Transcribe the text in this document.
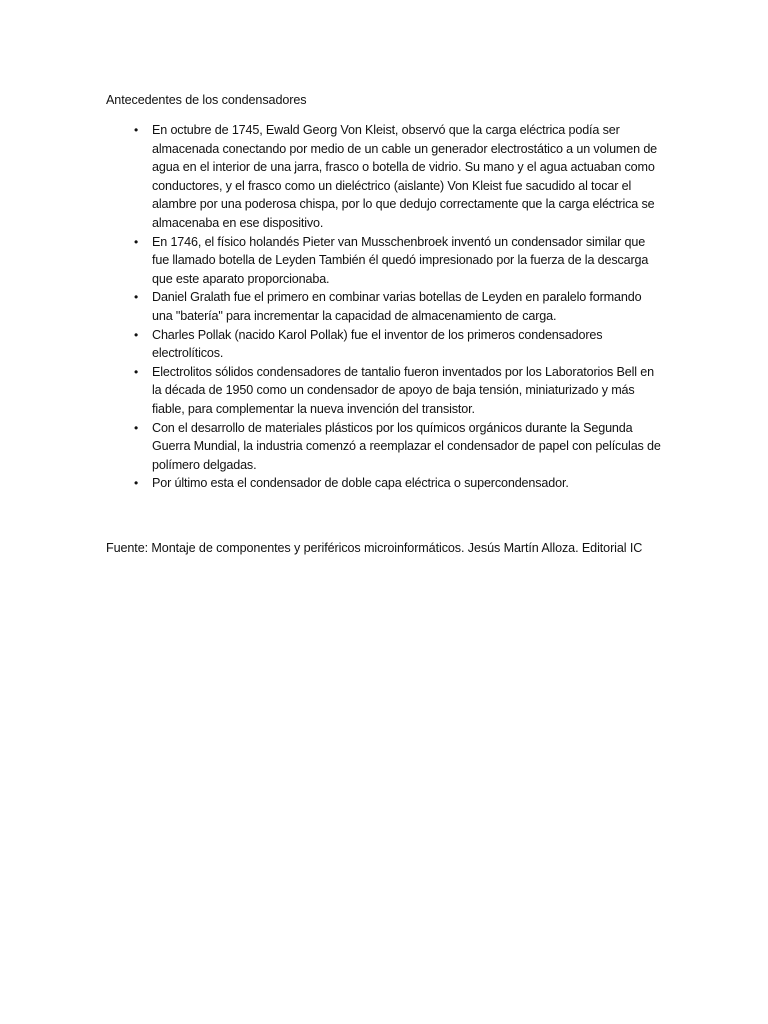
Antecedentes de los condensadores
•	En octubre de 1745, Ewald Georg Von Kleist, observó que la carga eléctrica podía ser almacenada conectando por medio de un cable un generador electrostático a un volumen de agua en el interior de una jarra, frasco o botella de vidrio. Su mano y el agua actuaban como conductores, y el frasco como un dieléctrico (aislante) Von Kleist fue sacudido al tocar el alambre por una poderosa chispa, por lo que dedujo correctamente que la carga eléctrica se almacenaba en ese dispositivo.
•	En 1746, el físico holandés Pieter van Musschenbroek inventó un condensador similar que fue llamado botella de Leyden También él quedó impresionado por la fuerza de la descarga que este aparato proporcionaba.
•	Daniel Gralath fue el primero en combinar varias botellas de Leyden en paralelo formando una "batería" para incrementar la capacidad de almacenamiento de carga.
•	Charles Pollak (nacido Karol Pollak) fue el inventor de los primeros condensadores electrolíticos.
•	Electrolitos sólidos condensadores de tantalio fueron inventados por los Laboratorios Bell en la década de 1950 como un condensador de apoyo de baja tensión, miniaturizado y más fiable, para complementar la nueva invención del transistor.
•	Con el desarrollo de materiales plásticos por los químicos orgánicos durante la Segunda Guerra Mundial, la industria comenzó a reemplazar el condensador de papel con películas de polímero delgadas.
•	Por último esta el condensador de doble capa eléctrica o supercondensador.
Fuente: Montaje de componentes y periféricos microinformáticos. Jesús Martín Alloza. Editorial IC
